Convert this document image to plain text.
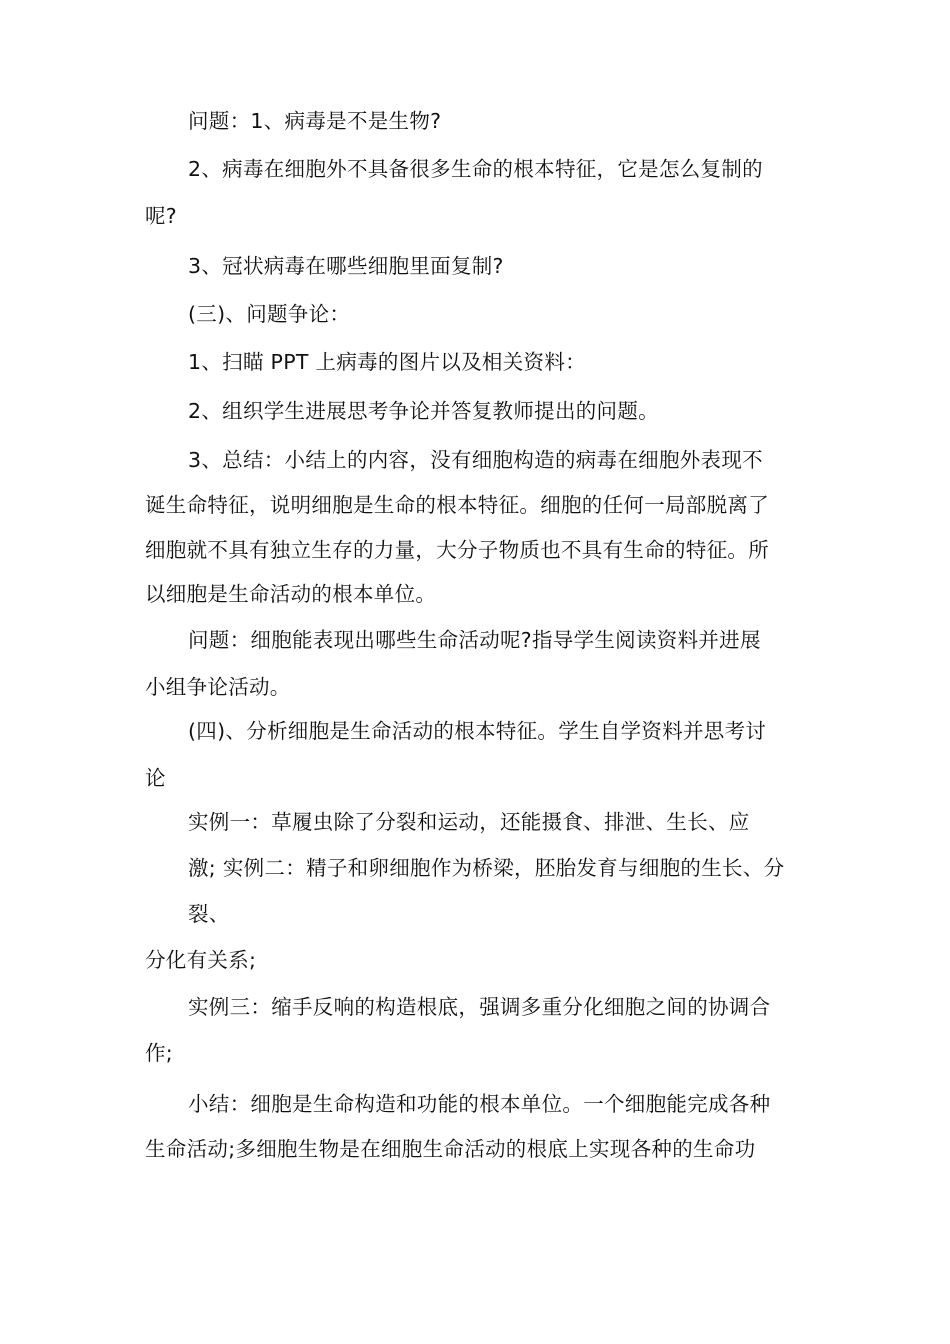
问题：1、病毒是不是生物?
2、病毒在细胞外不具备很多生命的根本特征，它是怎么复制的
呢?
3、冠状病毒在哪些细胞里面复制?
(三)、问题争论：
1、扫瞄 PPT 上病毒的图片以及相关资料：
2、组织学生进展思考争论并答复教师提出的问题。
3、总结：小结上的内容，没有细胞构造的病毒在细胞外表现不
诞生命特征，说明细胞是生命的根本特征。细胞的任何一局部脱离了
细胞就不具有独立生存的力量，大分子物质也不具有生命的特征。所
以细胞是生命活动的根本单位。
问题：细胞能表现出哪些生命活动呢?指导学生阅读资料并进展
小组争论活动。
(四)、分析细胞是生命活动的根本特征。学生自学资料并思考讨
论
实例一：草履虫除了分裂和运动，还能摄食、排泄、生长、应
激; 实例二：精子和卵细胞作为桥梁，胚胎发育与细胞的生长、分
裂、
分化有关系;
实例三：缩手反响的构造根底，强调多重分化细胞之间的协调合
作;
小结：细胞是生命构造和功能的根本单位。一个细胞能完成各种
生命活动;多细胞生物是在细胞生命活动的根底上实现各种的生命功
